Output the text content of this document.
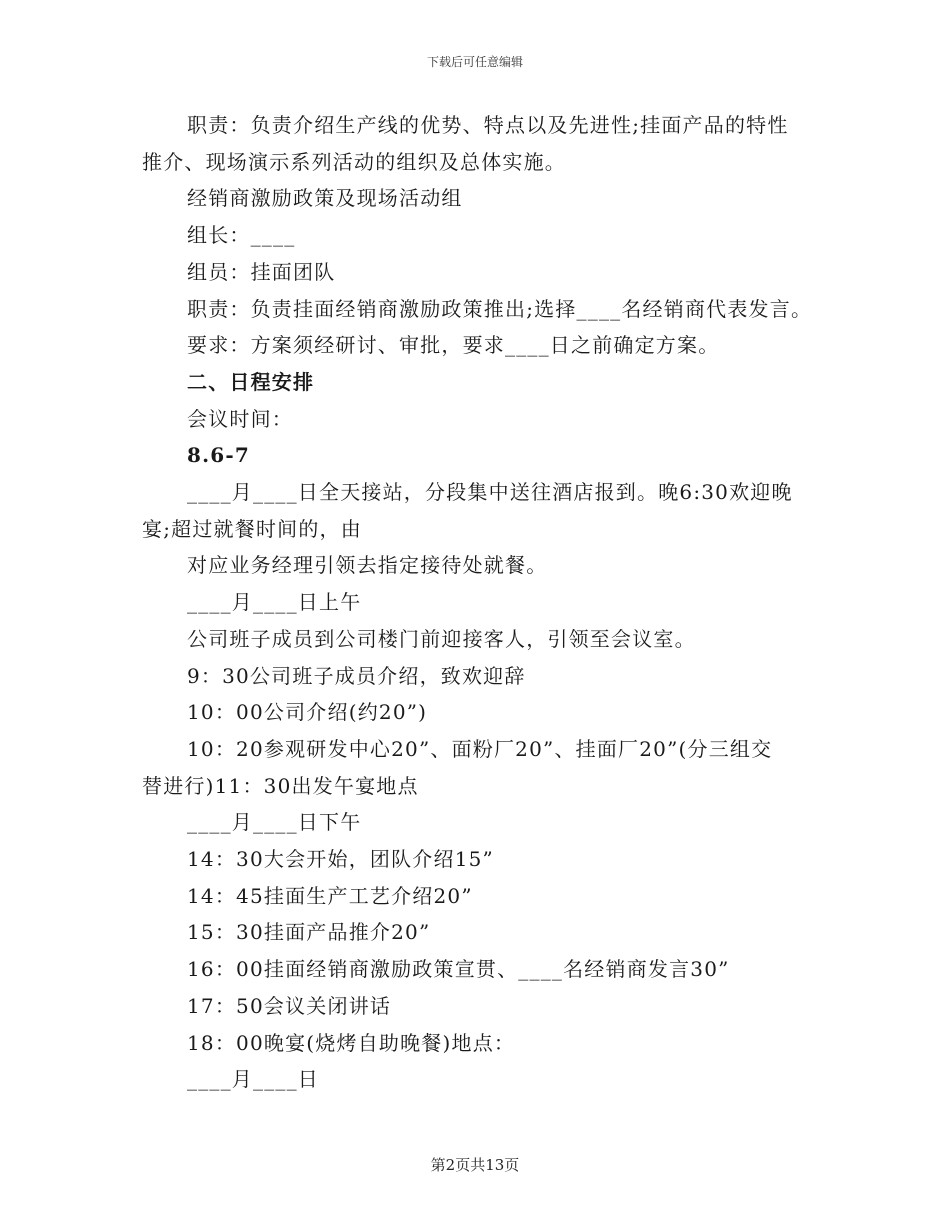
下载后可任意编辑

职责：负责介绍生产线的优势、特点以及先进性;挂面产品的特性

推介、现场演示系列活动的组织及总体实施。

经销商激励政策及现场活动组

组长：____

组员：挂面团队

职责：负责挂面经销商激励政策推出;选择____名经销商代表发言。

要求：方案须经研讨、审批，要求____日之前确定方案。

二、日程安排

会议时间：

8.6-7

____月____日全天接站，分段集中送往酒店报到。晚6:30欢迎晚

宴;超过就餐时间的，由

对应业务经理引领去指定接待处就餐。

____月____日上午

公司班子成员到公司楼门前迎接客人，引领至会议室。

9：30公司班子成员介绍，致欢迎辞

10：00公司介绍(约20”)

10：20参观研发中心20”、面粉厂20”、挂面厂20”(分三组交

替进行)11：30出发午宴地点

____月____日下午

14：30大会开始，团队介绍15”

14：45挂面生产工艺介绍20”

15：30挂面产品推介20”

16：00挂面经销商激励政策宣贯、____名经销商发言30”

17：50会议关闭讲话

18：00晚宴(烧烤自助晚餐)地点：

____月____日

第2页共13页
